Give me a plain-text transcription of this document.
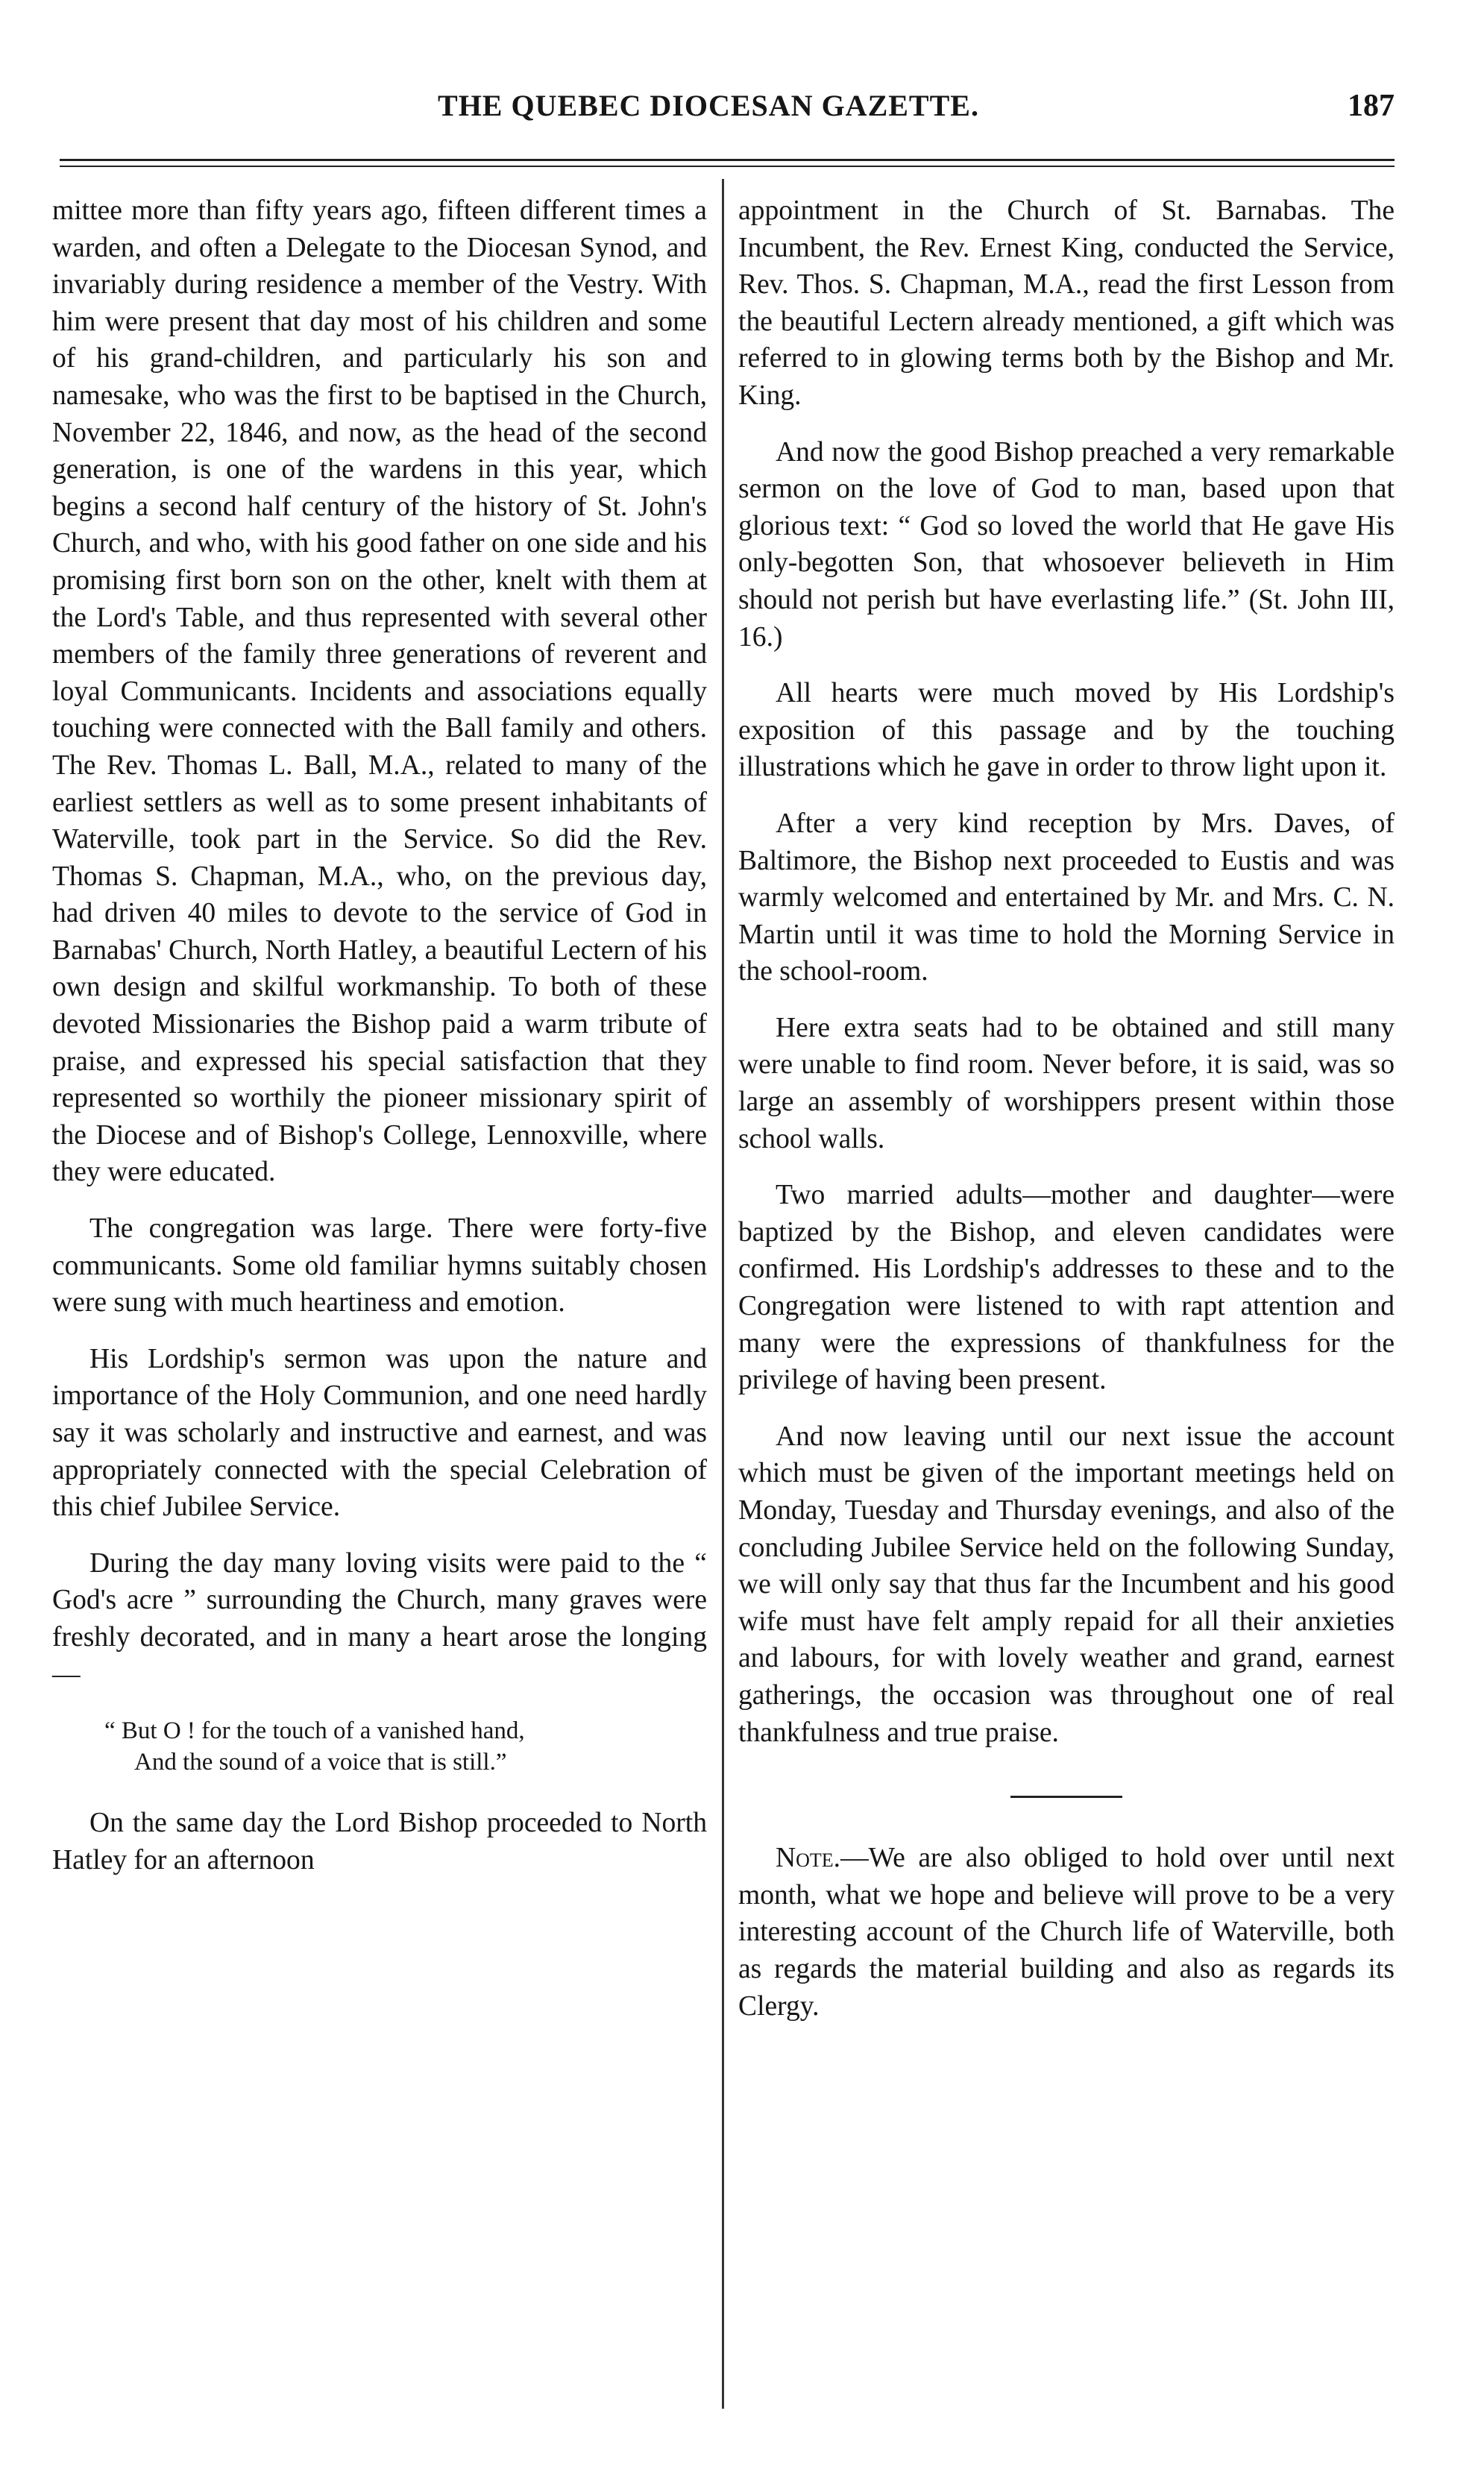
THE QUEBEC DIOCESAN GAZETTE.	187

mittee more than fifty years ago, fifteen different times a warden, and often a Delegate to the Diocesan Synod, and invariably during residence a member of the Vestry. With him were present that day most of his children and some of his grand-children, and particularly his son and namesake, who was the first to be baptised in the Church, November 22, 1846, and now, as the head of the second generation, is one of the wardens in this year, which begins a second half century of the history of St. John's Church, and who, with his good father on one side and his promising first born son on the other, knelt with them at the Lord's Table, and thus represented with several other members of the family three generations of reverent and loyal Communicants. Incidents and associations equally touching were connected with the Ball family and others. The Rev. Thomas L. Ball, M.A., related to many of the earliest settlers as well as to some present inhabitants of Waterville, took part in the Service. So did the Rev. Thomas S. Chapman, M.A., who, on the previous day, had driven 40 miles to devote to the service of God in Barnabas' Church, North Hatley, a beautiful Lectern of his own design and skilful workmanship. To both of these devoted Missionaries the Bishop paid a warm tribute of praise, and expressed his special satisfaction that they represented so worthily the pioneer missionary spirit of the Diocese and of Bishop's College, Lennoxville, where they were educated.

The congregation was large. There were forty-five communicants. Some old familiar hymns suitably chosen were sung with much heartiness and emotion.

His Lordship's sermon was upon the nature and importance of the Holy Communion, and one need hardly say it was scholarly and instructive and earnest, and was appropriately connected with the special Celebration of this chief Jubilee Service.

During the day many loving visits were paid to the “ God's acre ” surrounding the Church, many graves were freshly decorated, and in many a heart arose the longing—

“ But O ! for the touch of a vanished hand,
And the sound of a voice that is still.”

On the same day the Lord Bishop proceeded to North Hatley for an afternoon

appointment in the Church of St. Barnabas. The Incumbent, the Rev. Ernest King, conducted the Service, Rev. Thos. S. Chapman, M.A., read the first Lesson from the beautiful Lectern already mentioned, a gift which was referred to in glowing terms both by the Bishop and Mr. King.

And now the good Bishop preached a very remarkable sermon on the love of God to man, based upon that glorious text: “ God so loved the world that He gave His only-begotten Son, that whosoever believeth in Him should not perish but have everlasting life.” (St. John III, 16.)

All hearts were much moved by His Lordship's exposition of this passage and by the touching illustrations which he gave in order to throw light upon it.

After a very kind reception by Mrs. Daves, of Baltimore, the Bishop next proceeded to Eustis and was warmly welcomed and entertained by Mr. and Mrs. C. N. Martin until it was time to hold the Morning Service in the school-room.

Here extra seats had to be obtained and still many were unable to find room. Never before, it is said, was so large an assembly of worshippers present within those school walls.

Two married adults—mother and daughter—were baptized by the Bishop, and eleven candidates were confirmed. His Lordship's addresses to these and to the Congregation were listened to with rapt attention and many were the expressions of thankfulness for the privilege of having been present.

And now leaving until our next issue the account which must be given of the important meetings held on Monday, Tuesday and Thursday evenings, and also of the concluding Jubilee Service held on the following Sunday, we will only say that thus far the Incumbent and his good wife must have felt amply repaid for all their anxieties and labours, for with lovely weather and grand, earnest gatherings, the occasion was throughout one of real thankfulness and true praise.

Note.—We are also obliged to hold over until next month, what we hope and believe will prove to be a very interesting account of the Church life of Waterville, both as regards the material building and also as regards its Clergy.
